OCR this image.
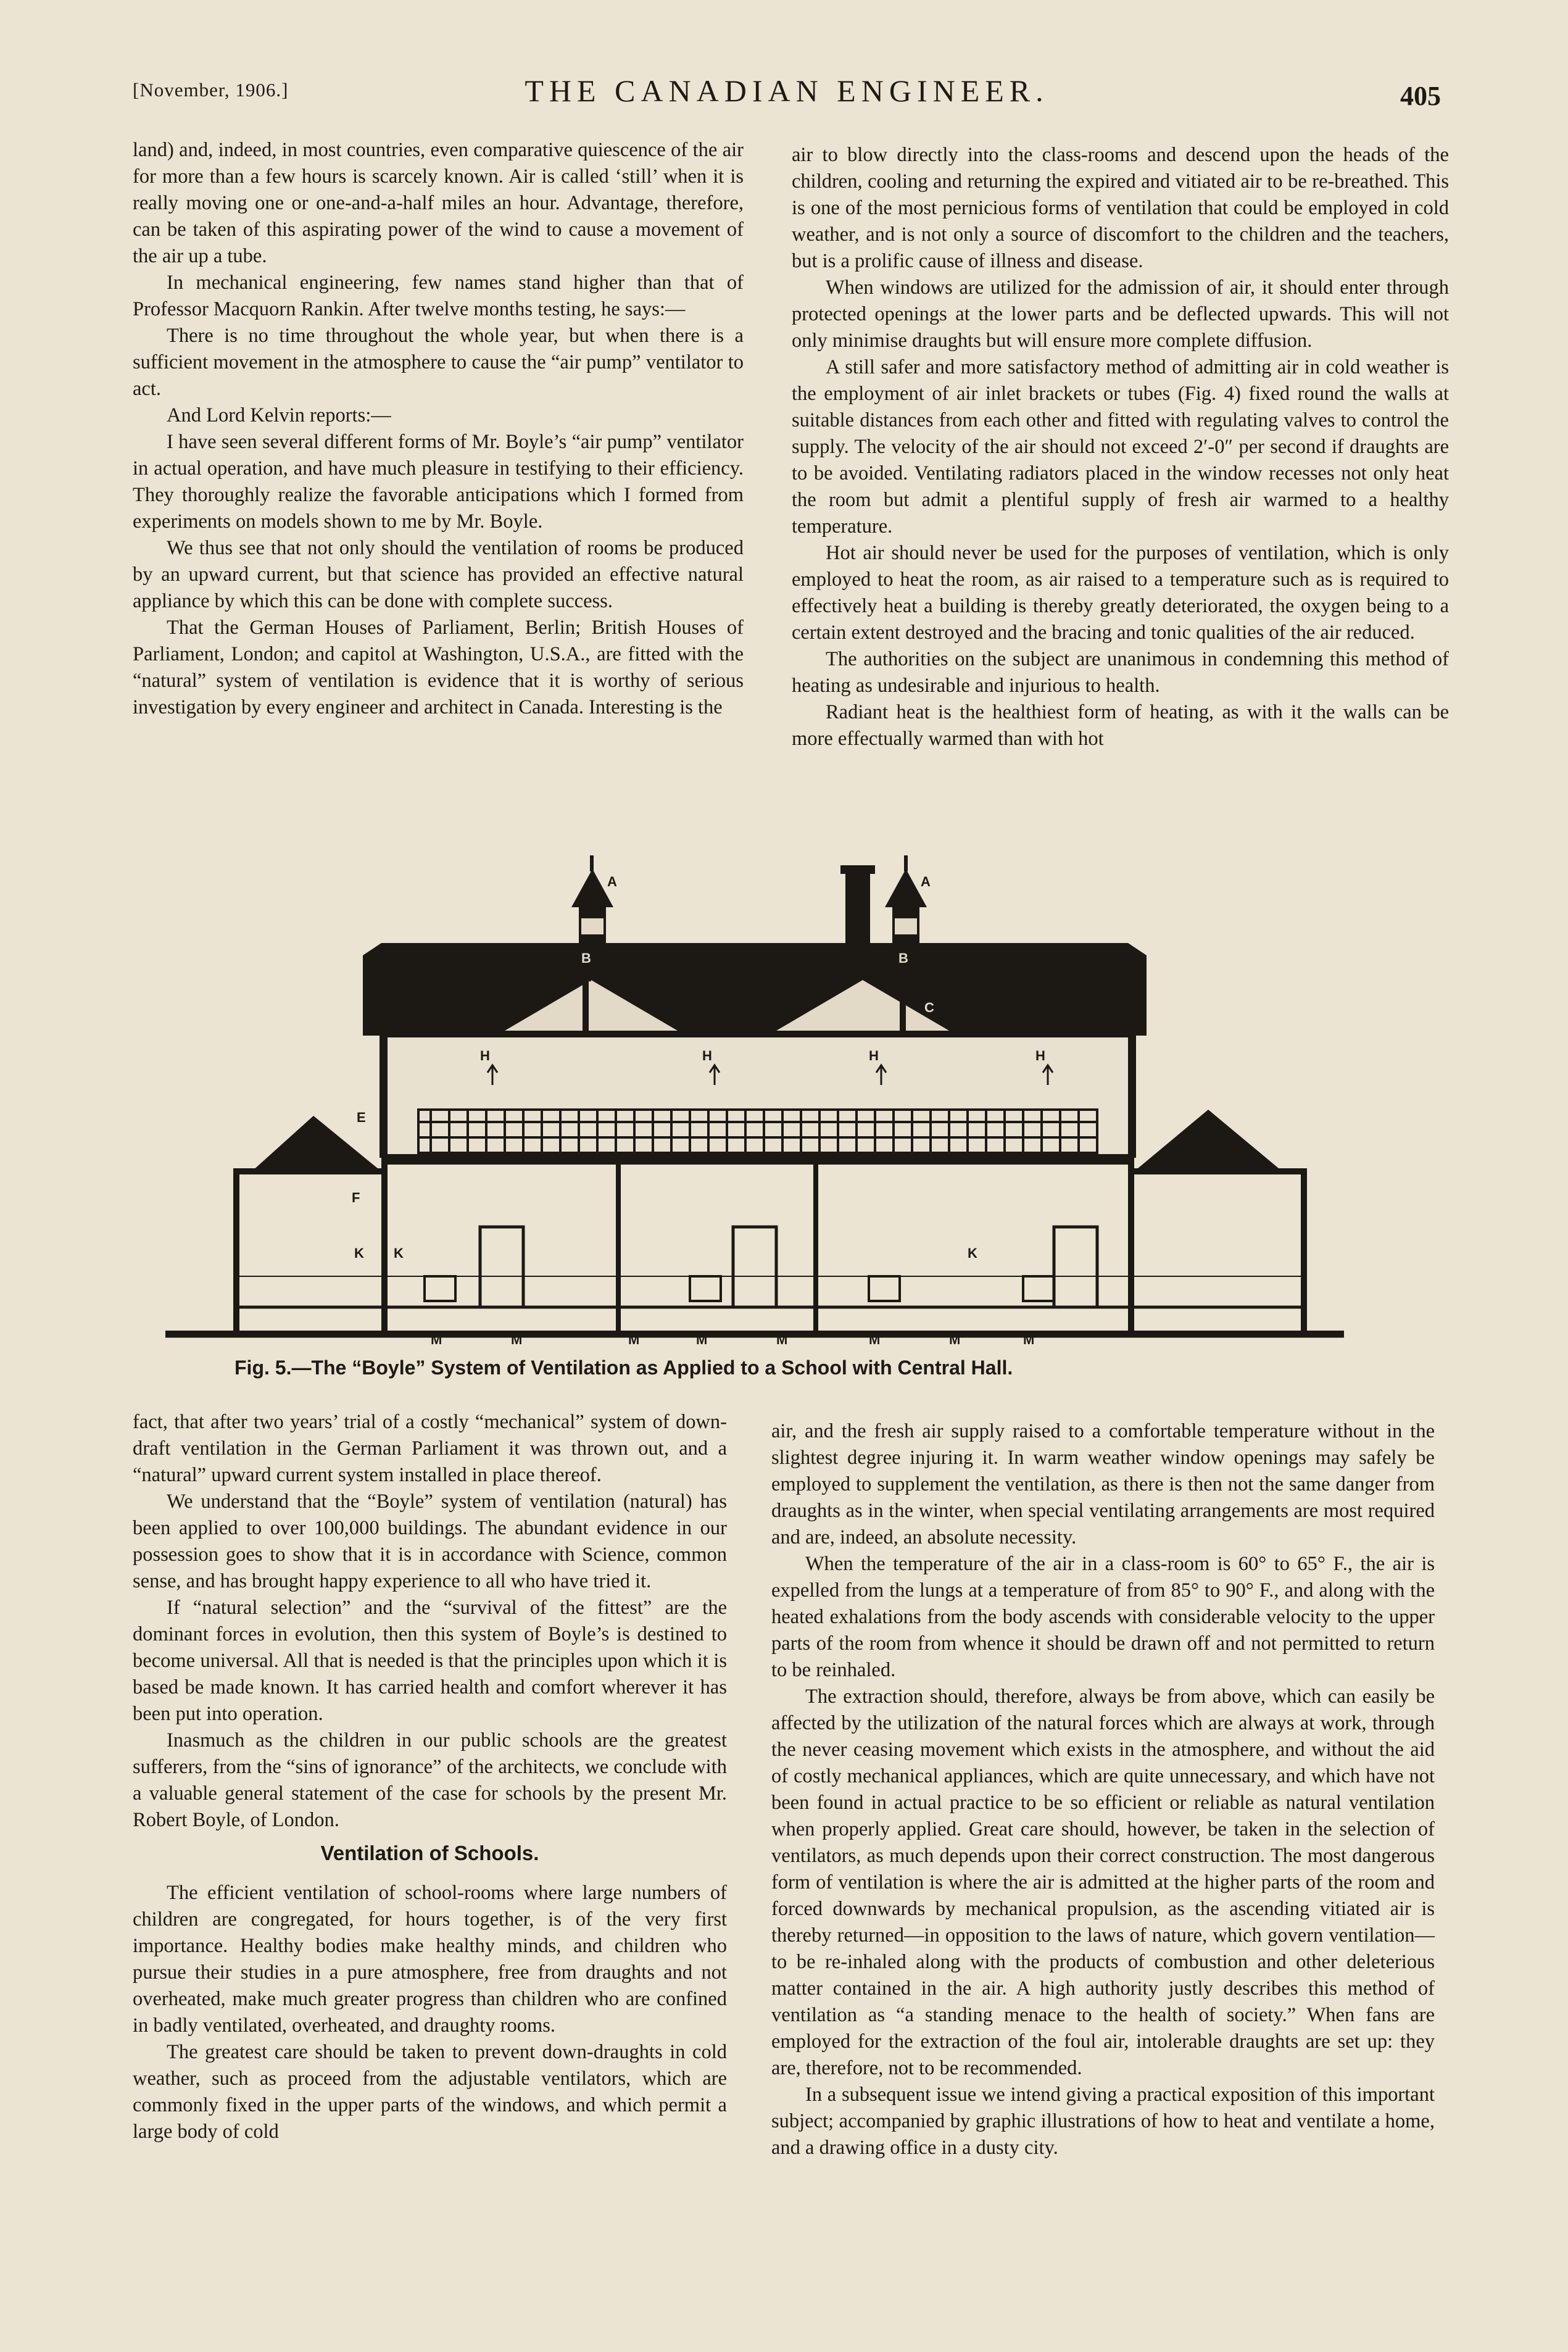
[November, 1906.]	THE CANADIAN ENGINEER.	405

land) and, indeed, in most countries, even comparative quiescence of the air for more than a few hours is scarcely known. Air is called ‘still’ when it is really moving one or one-and-a-half miles an hour. Advantage, therefore, can be taken of this aspirating power of the wind to cause a movement of the air up a tube.

In mechanical engineering, few names stand higher than that of Professor Macquorn Rankin. After twelve months testing, he says:—

There is no time throughout the whole year, but when there is a sufficient movement in the atmosphere to cause the “air pump” ventilator to act.

And Lord Kelvin reports:—

I have seen several different forms of Mr. Boyle’s “air pump” ventilator in actual operation, and have much pleasure in testifying to their efficiency. They thoroughly realize the favorable anticipations which I formed from experiments on models shown to me by Mr. Boyle.

We thus see that not only should the ventilation of rooms be produced by an upward current, but that science has provided an effective natural appliance by which this can be done with complete success.

That the German Houses of Parliament, Berlin; British Houses of Parliament, London; and capitol at Washington, U.S.A., are fitted with the “natural” system of ventilation is evidence that it is worthy of serious investigation by every engineer and architect in Canada. Interesting is the

air to blow directly into the class-rooms and descend upon the heads of the children, cooling and returning the expired and vitiated air to be re-breathed. This is one of the most pernicious forms of ventilation that could be employed in cold weather, and is not only a source of discomfort to the children and the teachers, but is a prolific cause of illness and disease.

When windows are utilized for the admission of air, it should enter through protected openings at the lower parts and be deflected upwards. This will not only minimise draughts but will ensure more complete diffusion.

A still safer and more satisfactory method of admitting air in cold weather is the employment of air inlet brackets or tubes (Fig. 4) fixed round the walls at suitable distances from each other and fitted with regulating valves to control the supply. The velocity of the air should not exceed 2′-0″ per second if draughts are to be avoided. Ventilating radiators placed in the window recesses not only heat the room but admit a plentiful supply of fresh air warmed to a healthy temperature.

Hot air should never be used for the purposes of ventilation, which is only employed to heat the room, as air raised to a temperature such as is required to effectively heat a building is thereby greatly deteriorated, the oxygen being to a certain extent destroyed and the bracing and tonic qualities of the air reduced.

The authorities on the subject are unanimous in condemning this method of heating as undesirable and injurious to health.

Radiant heat is the healthiest form of heating, as with it the walls can be more effectually warmed than with hot

A	A
B	B
C	C
E
F
H	H	H	H
K K	K
M	M	M	M	M	M	M	M
Fig. 5.—The “Boyle” System of Ventilation as Applied to a School with Central Hall.

fact, that after two years’ trial of a costly “mechanical” system of down-draft ventilation in the German Parliament it was thrown out, and a “natural” upward current system installed in place thereof.

We understand that the “Boyle” system of ventilation (natural) has been applied to over 100,000 buildings. The abundant evidence in our possession goes to show that it is in accordance with Science, common sense, and has brought happy experience to all who have tried it.

If “natural selection” and the “survival of the fittest” are the dominant forces in evolution, then this system of Boyle’s is destined to become universal. All that is needed is that the principles upon which it is based be made known. It has carried health and comfort wherever it has been put into operation.

Inasmuch as the children in our public schools are the greatest sufferers, from the “sins of ignorance” of the architects, we conclude with a valuable general statement of the case for schools by the present Mr. Robert Boyle, of London.

Ventilation of Schools.

The efficient ventilation of school-rooms where large numbers of children are congregated, for hours together, is of the very first importance. Healthy bodies make healthy minds, and children who pursue their studies in a pure atmosphere, free from draughts and not overheated, make much greater progress than children who are confined in badly ventilated, overheated, and draughty rooms.

The greatest care should be taken to prevent down-draughts in cold weather, such as proceed from the adjustable ventilators, which are commonly fixed in the upper parts of the windows, and which permit a large body of cold

air, and the fresh air supply raised to a comfortable temperature without in the slightest degree injuring it. In warm weather window openings may safely be employed to supplement the ventilation, as there is then not the same danger from draughts as in the winter, when special ventilating arrangements are most required and are, indeed, an absolute necessity.

When the temperature of the air in a class-room is 60° to 65° F., the air is expelled from the lungs at a temperature of from 85° to 90° F., and along with the heated exhalations from the body ascends with considerable velocity to the upper parts of the room from whence it should be drawn off and not permitted to return to be reinhaled.

The extraction should, therefore, always be from above, which can easily be affected by the utilization of the natural forces which are always at work, through the never ceasing movement which exists in the atmosphere, and without the aid of costly mechanical appliances, which are quite unnecessary, and which have not been found in actual practice to be so efficient or reliable as natural ventilation when properly applied. Great care should, however, be taken in the selection of ventilators, as much depends upon their correct construction. The most dangerous form of ventilation is where the air is admitted at the higher parts of the room and forced downwards by mechanical propulsion, as the ascending vitiated air is thereby returned—in opposition to the laws of nature, which govern ventilation—to be re-inhaled along with the products of combustion and other deleterious matter contained in the air. A high authority justly describes this method of ventilation as “a standing menace to the health of society.” When fans are employed for the extraction of the foul air, intolerable draughts are set up: they are, therefore, not to be recommended.

In a subsequent issue we intend giving a practical exposition of this important subject; accompanied by graphic illustrations of how to heat and ventilate a home, and a drawing office in a dusty city.
